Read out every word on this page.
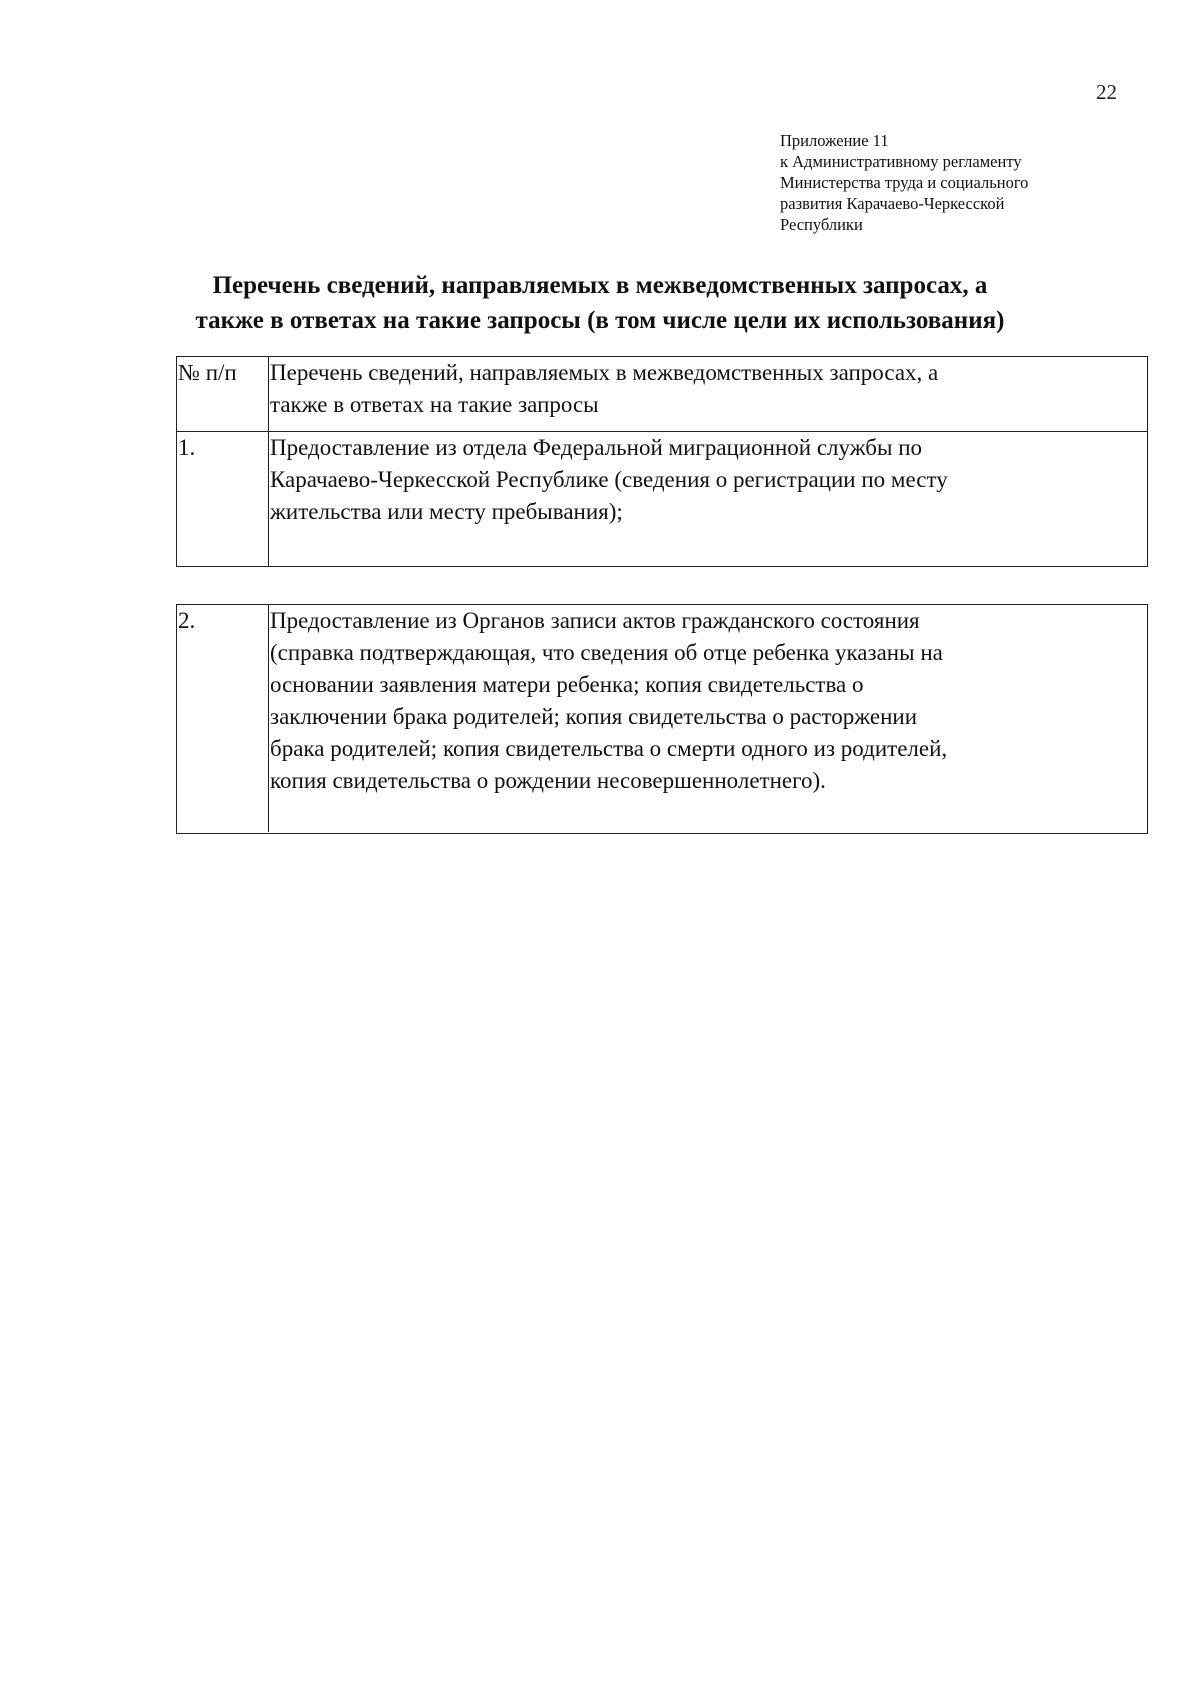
22
Приложение 11
к Административному регламенту
Министерства труда и социального
развития Карачаево-Черкесской
Республики
Перечень сведений, направляемых в межведомственных запросах, а
также в ответах на такие запросы (в том числе цели их использования)
№ п/п	Перечень сведений, направляемых в межведомственных запросах, а
также в ответах на такие запросы
1.	Предоставление из отдела Федеральной миграционной службы по
Карачаево-Черкесской Республике (сведения о регистрации по месту
жительства или месту пребывания);
2.	Предоставление из Органов записи актов гражданского состояния
(справка подтверждающая, что сведения об отце ребенка указаны на
основании заявления матери ребенка; копия свидетельства о
заключении брака родителей; копия свидетельства о расторжении
брака родителей; копия свидетельства о смерти одного из родителей,
копия свидетельства о рождении несовершеннолетнего).
